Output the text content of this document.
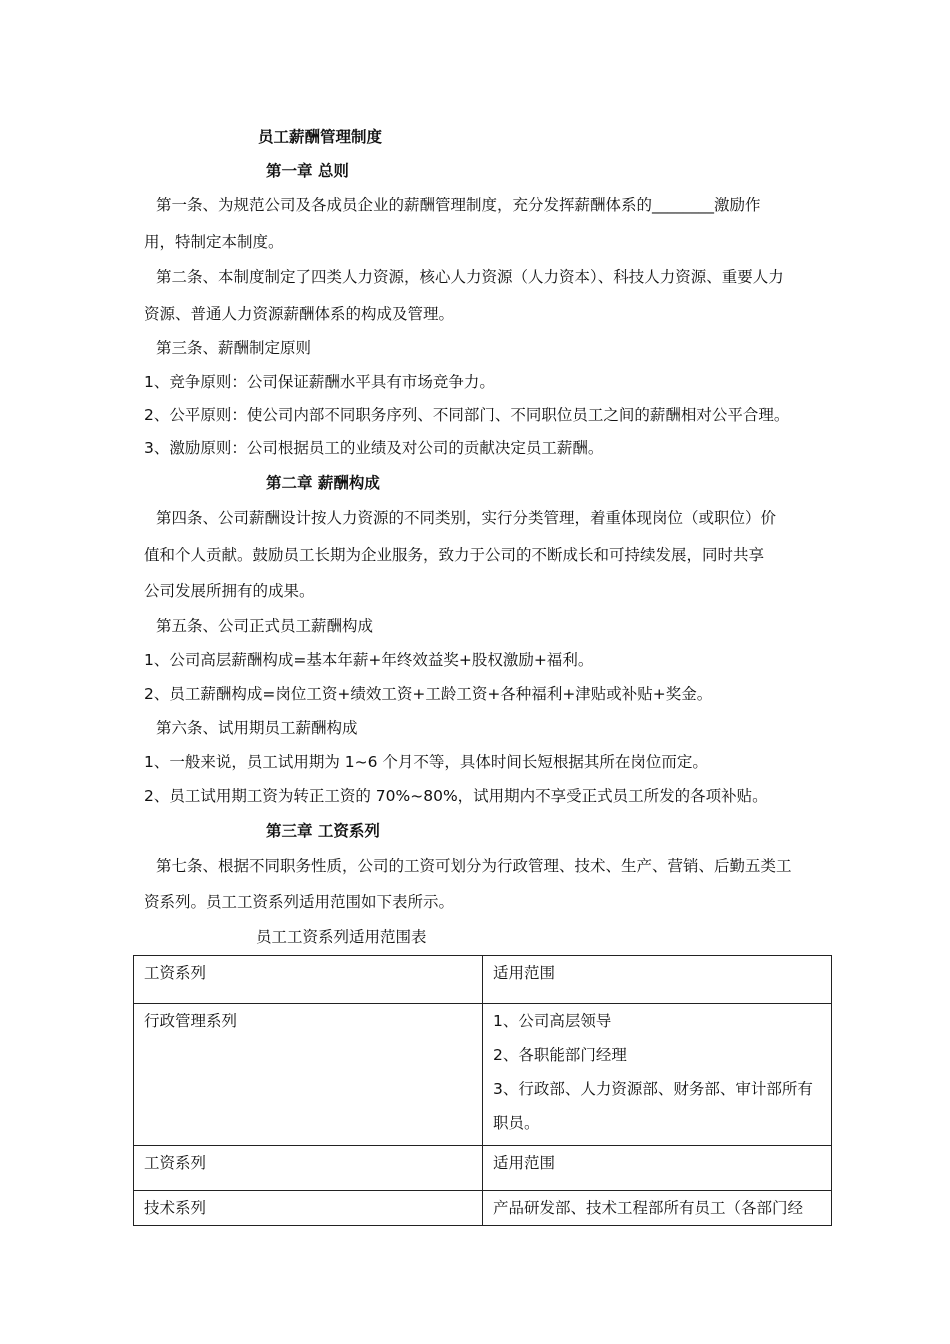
员工薪酬管理制度
第一章 总则
第一条、为规范公司及各成员企业的薪酬管理制度，充分发挥薪酬体系的________激励作
用，特制定本制度。
第二条、本制度制定了四类人力资源，核心人力资源（人力资本）、科技人力资源、重要人力
资源、普通人力资源薪酬体系的构成及管理。
第三条、薪酬制定原则
1、竞争原则：公司保证薪酬水平具有市场竞争力。
2、公平原则：使公司内部不同职务序列、不同部门、不同职位员工之间的薪酬相对公平合理。
3、激励原则：公司根据员工的业绩及对公司的贡献决定员工薪酬。
第二章 薪酬构成
第四条、公司薪酬设计按人力资源的不同类别，实行分类管理，着重体现岗位（或职位）价
值和个人贡献。鼓励员工长期为企业服务，致力于公司的不断成长和可持续发展，同时共享
公司发展所拥有的成果。
第五条、公司正式员工薪酬构成
1、公司高层薪酬构成=基本年薪+年终效益奖+股权激励+福利。
2、员工薪酬构成=岗位工资+绩效工资+工龄工资+各种福利+津贴或补贴+奖金。
第六条、试用期员工薪酬构成
1、一般来说，员工试用期为 1~6 个月不等，具体时间长短根据其所在岗位而定。
2、员工试用期工资为转正工资的 70%~80%，试用期内不享受正式员工所发的各项补贴。
第三章 工资系列
第七条、根据不同职务性质，公司的工资可划分为行政管理、技术、生产、营销、后勤五类工
资系列。员工工资系列适用范围如下表所示。
员工工资系列适用范围表
工资系列	适用范围

行政管理系列	1、公司高层领导
2、各职能部门经理
3、行政部、人力资源部、财务部、审计部所有
职员。

工资系列	适用范围

技术系列	产品研发部、技术工程部所有员工（各部门经
